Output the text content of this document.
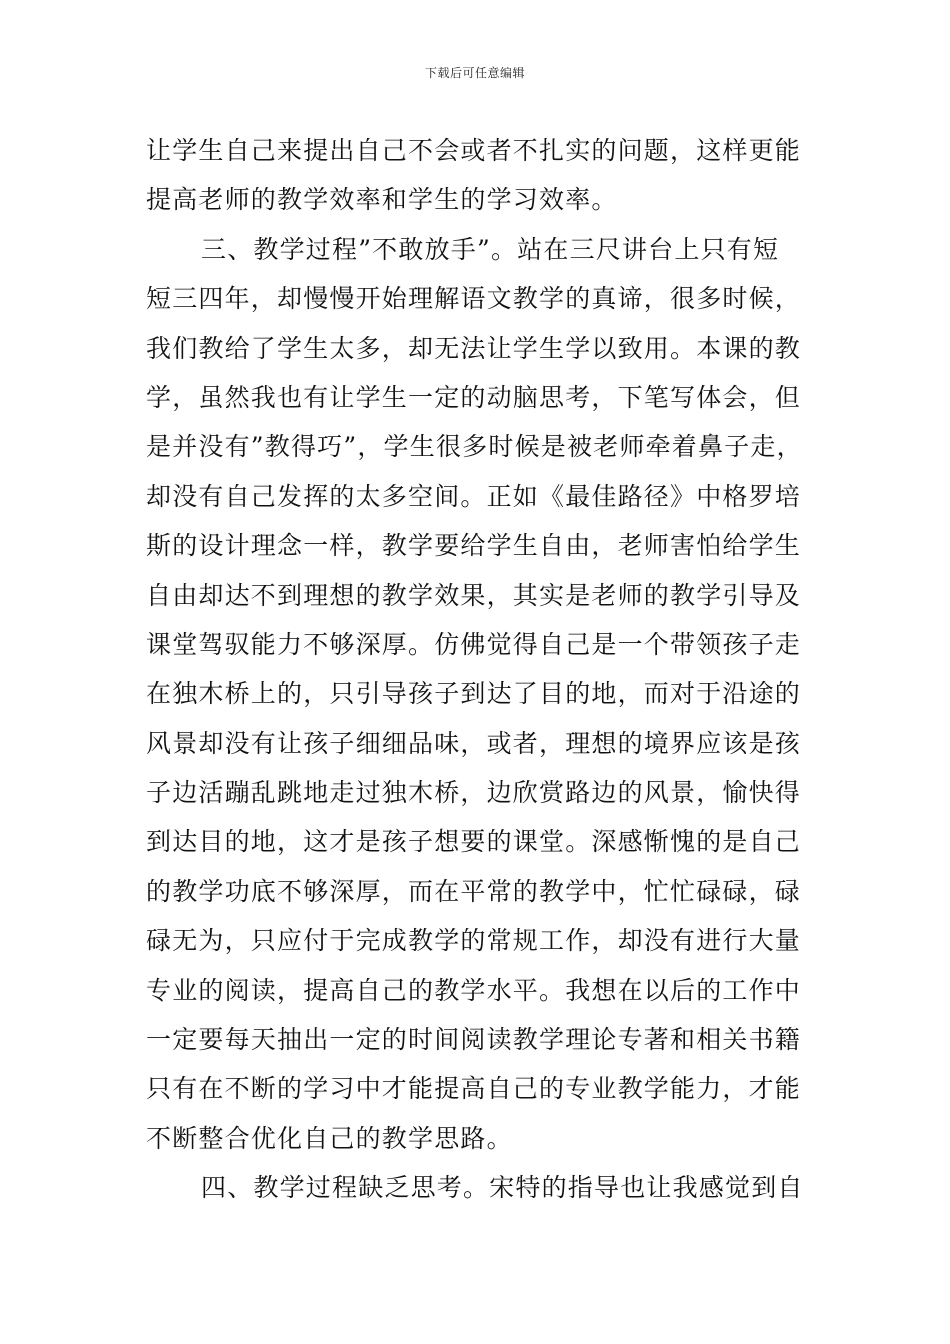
下载后可任意编辑
让学生自己来提出自己不会或者不扎实的问题，这样更能
提高老师的教学效率和学生的学习效率。
三、教学过程”不敢放手”。站在三尺讲台上只有短
短三四年，却慢慢开始理解语文教学的真谛，很多时候，
我们教给了学生太多，却无法让学生学以致用。本课的教
学，虽然我也有让学生一定的动脑思考，下笔写体会，但
是并没有”教得巧”，学生很多时候是被老师牵着鼻子走，
却没有自己发挥的太多空间。正如《最佳路径》中格罗培
斯的设计理念一样，教学要给学生自由，老师害怕给学生
自由却达不到理想的教学效果，其实是老师的教学引导及
课堂驾驭能力不够深厚。仿佛觉得自己是一个带领孩子走
在独木桥上的，只引导孩子到达了目的地，而对于沿途的
风景却没有让孩子细细品味，或者，理想的境界应该是孩
子边活蹦乱跳地走过独木桥，边欣赏路边的风景，愉快得
到达目的地，这才是孩子想要的课堂。深感惭愧的是自己
的教学功底不够深厚，而在平常的教学中，忙忙碌碌，碌
碌无为，只应付于完成教学的常规工作，却没有进行大量
专业的阅读，提高自己的教学水平。我想在以后的工作中
一定要每天抽出一定的时间阅读教学理论专著和相关书籍
只有在不断的学习中才能提高自己的专业教学能力，才能
不断整合优化自己的教学思路。
四、教学过程缺乏思考。宋特的指导也让我感觉到自
